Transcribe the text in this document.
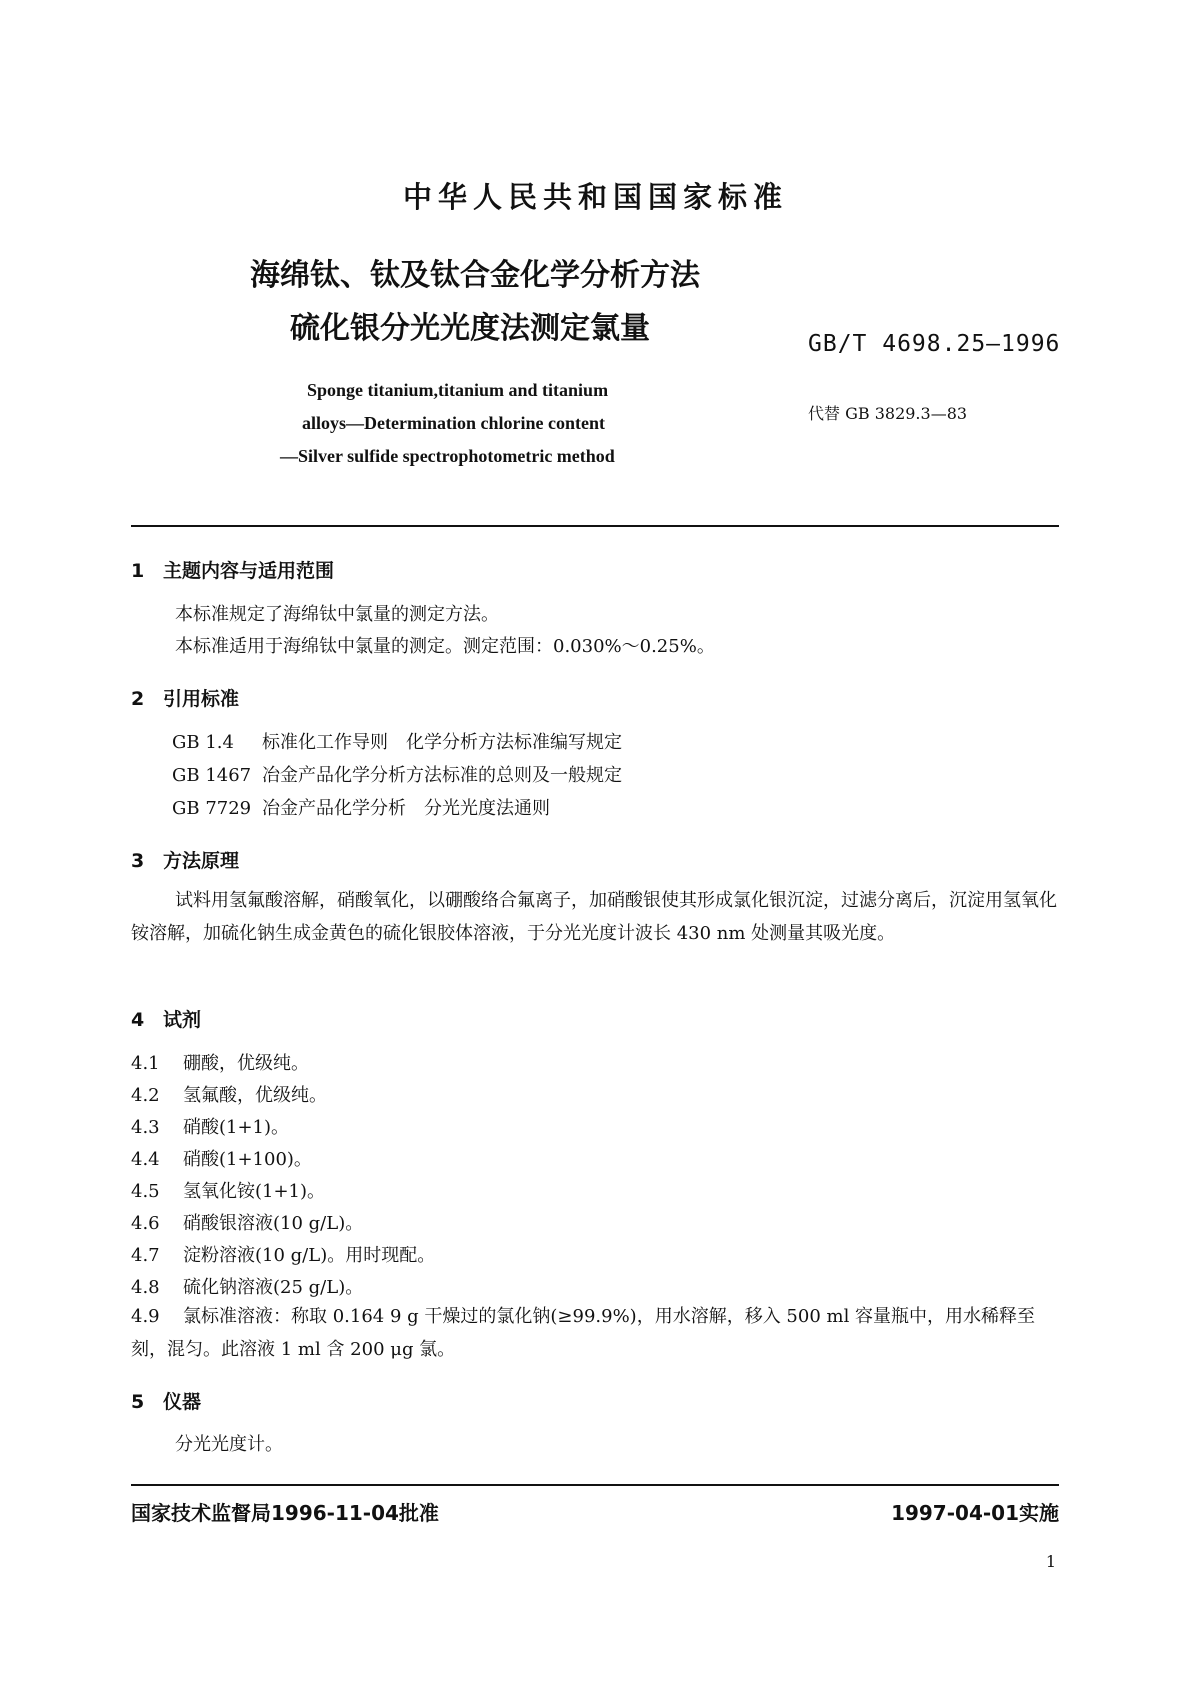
中华人民共和国国家标准
海绵钛、钛及钛合金化学分析方法
硫化银分光光度法测定氯量	GB/T 4698.25—1996
代替 GB 3829.3—83
Sponge titanium,titanium and titanium
alloys—Determination chlorine content
—Silver sulfide spectrophotometric method
1 主题内容与适用范围
本标准规定了海绵钛中氯量的测定方法。
本标准适用于海绵钛中氯量的测定。测定范围：0.030%～0.25%。
2 引用标准
GB 1.4 标准化工作导则　化学分析方法标准编写规定
GB 1467 冶金产品化学分析方法标准的总则及一般规定
GB 7729 冶金产品化学分析　分光光度法通则
3 方法原理
试料用氢氟酸溶解，硝酸氧化，以硼酸络合氟离子，加硝酸银使其形成氯化银沉淀，过滤分离后，沉淀用氢氧化铵溶解，加硫化钠生成金黄色的硫化银胶体溶液，于分光光度计波长 430 nm 处测量其吸光度。
4 试剂
4.1 硼酸，优级纯。
4.2 氢氟酸，优级纯。
4.3 硝酸(1+1)。
4.4 硝酸(1+100)。
4.5 氢氧化铵(1+1)。
4.6 硝酸银溶液(10 g/L)。
4.7 淀粉溶液(10 g/L)。用时现配。
4.8 硫化钠溶液(25 g/L)。
4.9 氯标准溶液：称取 0.164 9 g 干燥过的氯化钠(≥99.9%)，用水溶解，移入 500 ml 容量瓶中，用水稀释至刻，混匀。此溶液 1 ml 含 200 μg 氯。
5 仪器
分光光度计。
国家技术监督局1996-11-04批准	1997-04-01实施
1
